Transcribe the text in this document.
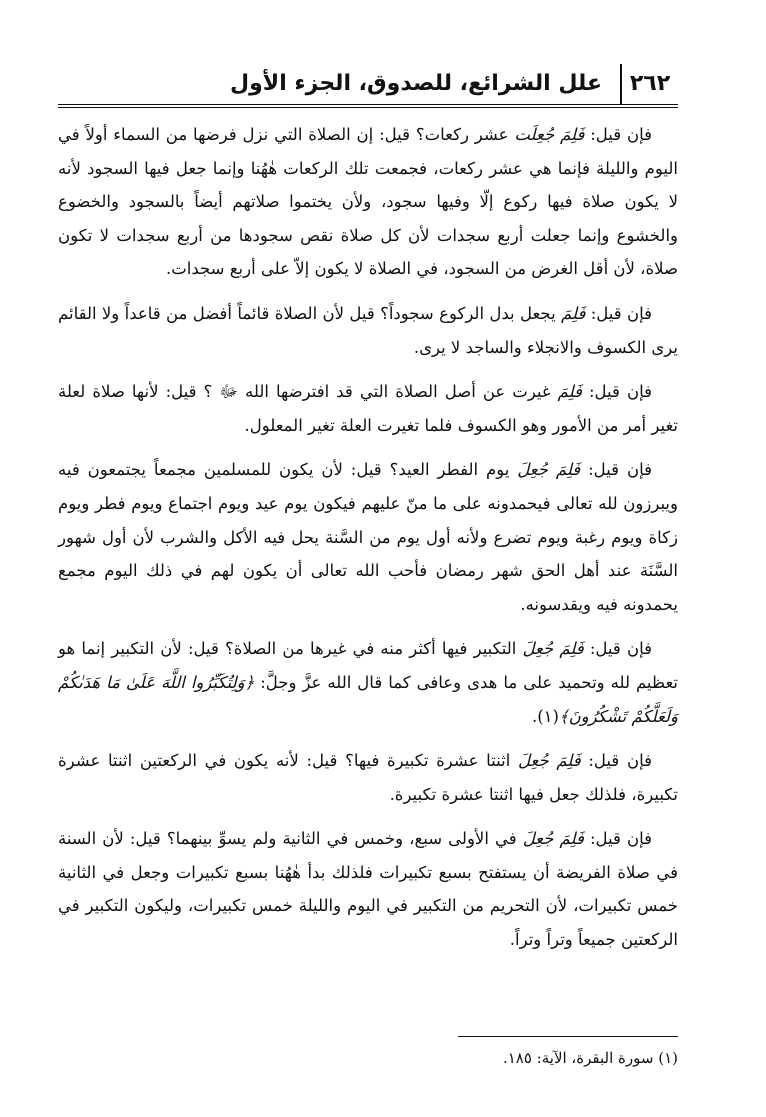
٢٦٢
علل الشرائع، للصدوق، الجزء الأول

فإن قيل: فَلِمَ جُعِلَت عشر ركعات؟ قيل: إن الصلاة التي نزل فرضها من السماء أولاً في اليوم والليلة فإنما هي عشر ركعات، فجمعت تلك الركعات هٰهُنا وإنما جعل فيها السجود لأنه لا يكون صلاة فيها ركوع إلّا وفيها سجود، ولأن يختموا صلاتهم أيضاً بالسجود والخضوع والخشوع وإنما جعلت أربع سجدات لأن كل صلاة نقص سجودها من أربع سجدات لا تكون صلاة، لأن أقل الغرض من السجود، في الصلاة لا يكون إلاّ على أربع سجدات.

فإن قيل: فَلِمَ يجعل بدل الركوع سجوداً؟ قيل لأن الصلاة قائماً أفضل من قاعداً ولا القائم يرى الكسوف والانجلاء والساجد لا يرى.

فإن قيل: فَلِمَ غيرت عن أصل الصلاة التي قد افترضها الله ﷻ ؟ قيل: لأنها صلاة لعلة تغير أمر من الأمور وهو الكسوف فلما تغيرت العلة تغير المعلول.

فإن قيل: فَلِمَ جُعِلَ يوم الفطر العيد؟ قيل: لأن يكون للمسلمين مجمعاً يجتمعون فيه ويبرزون لله تعالى فيحمدونه على ما منّ عليهم فيكون يوم عيد ويوم اجتماع ويوم فطر ويوم زكاة ويوم رغبة ويوم تضرع ولأنه أول يوم من السَّنة يحل فيه الأكل والشرب لأن أول شهور السَّنَة عند أهل الحق شهر رمضان فأحب الله تعالى أن يكون لهم في ذلك اليوم مجمع يحمدونه فيه ويقدسونه.

فإن قيل: فَلِمَ جُعِلَ التكبير فيها أكثر منه في غيرها من الصلاة؟ قيل: لأن التكبير إنما هو تعظيم لله وتحميد على ما هدى وعافى كما قال الله عزَّ وجلَّ: ﴿وَلِتُكَبِّرُوا اللَّهَ عَلَىٰ مَا هَدَىٰكُمْ وَلَعَلَّكُمْ تَشْكُرُونَ﴾(١).

فإن قيل: فَلِمَ جُعِلَ اثنتا عشرة تكبيرة فيها؟ قيل: لأنه يكون في الركعتين اثنتا عشرة تكبيرة، فلذلك جعل فيها اثنتا عشرة تكبيرة.

فإن قيل: فَلِمَ جُعِلَ في الأولى سبع، وخمس في الثانية ولم يسوِّ بينهما؟ قيل: لأن السنة في صلاة الفريضة أن يستفتح بسبع تكبيرات فلذلك بدأ هٰهُنا بسبع تكبيرات وجعل في الثانية خمس تكبيرات، لأن التحريم من التكبير في اليوم والليلة خمس تكبيرات، وليكون التكبير في الركعتين جميعاً وتراً وتراً.

(١) سورة البقرة، الآية: ١٨٥.
